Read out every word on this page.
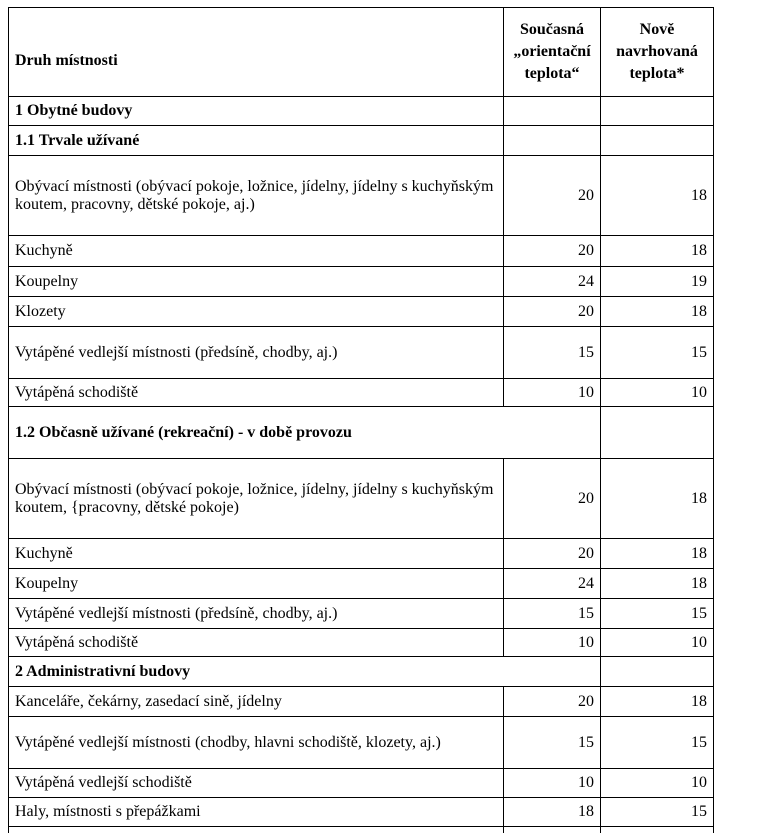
Druh místnosti	Současná „orientační teplota“	Nově navrhovaná teplota*
1 Obytné budovy		
1.1 Trvale užívané		
Obývací místnosti (obývací pokoje, ložnice, jídelny, jídelny s kuchyňským koutem, pracovny, dětské pokoje, aj.)	20	18
Kuchyně	20	18
Koupelny	24	19
Klozety	20	18
Vytápěné vedlejší místnosti (předsíně, chodby, aj.)	15	15
Vytápěná schodiště	10	10
1.2 Občasně užívané (rekreační) - v době provozu		
Obývací místnosti (obývací pokoje, ložnice, jídelny, jídelny s kuchyňským koutem, {pracovny, dětské pokoje)	20	18
Kuchyně	20	18
Koupelny	24	18
Vytápěné vedlejší místnosti (předsíně, chodby, aj.)	15	15
Vytápěná schodiště	10	10
2 Administrativní budovy		
Kanceláře, čekárny, zasedací sině, jídelny	20	18
Vytápěné vedlejší místnosti (chodby, hlavni schodiště, klozety, aj.)	15	15
Vytápěná vedlejší schodiště	10	10
Haly, místnosti s přepážkami	18	15
